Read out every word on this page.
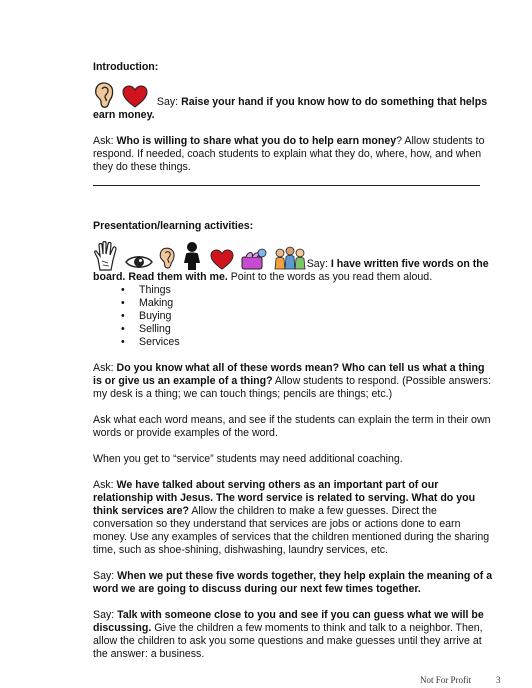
Introduction:

Say: Raise your hand if you know how to do something that helps earn money.

Ask: Who is willing to share what you do to help earn money? Allow students to respond. If needed, coach students to explain what they do, where, how, and when they do these things.

Presentation/learning activities:

Say: I have written five words on the board. Read them with me. Point to the words as you read them aloud.

• Things
• Making
• Buying
• Selling
• Services

Ask: Do you know what all of these words mean? Who can tell us what a thing is or give us an example of a thing? Allow students to respond. (Possible answers: my desk is a thing; we can touch things; pencils are things; etc.)

Ask what each word means, and see if the students can explain the term in their own words or provide examples of the word.

When you get to “service” students may need additional coaching.

Ask: We have talked about serving others as an important part of our relationship with Jesus. The word service is related to serving. What do you think services are? Allow the children to make a few guesses. Direct the conversation so they understand that services are jobs or actions done to earn money. Use any examples of services that the children mentioned during the sharing time, such as shoe-shining, dishwashing, laundry services, etc.

Say: When we put these five words together, they help explain the meaning of a word we are going to discuss during our next few times together.

Say: Talk with someone close to you and see if you can guess what we will be discussing. Give the children a few moments to think and talk to a neighbor. Then, allow the children to ask you some questions and make guesses until they arrive at the answer: a business.

Not For Profit	3
